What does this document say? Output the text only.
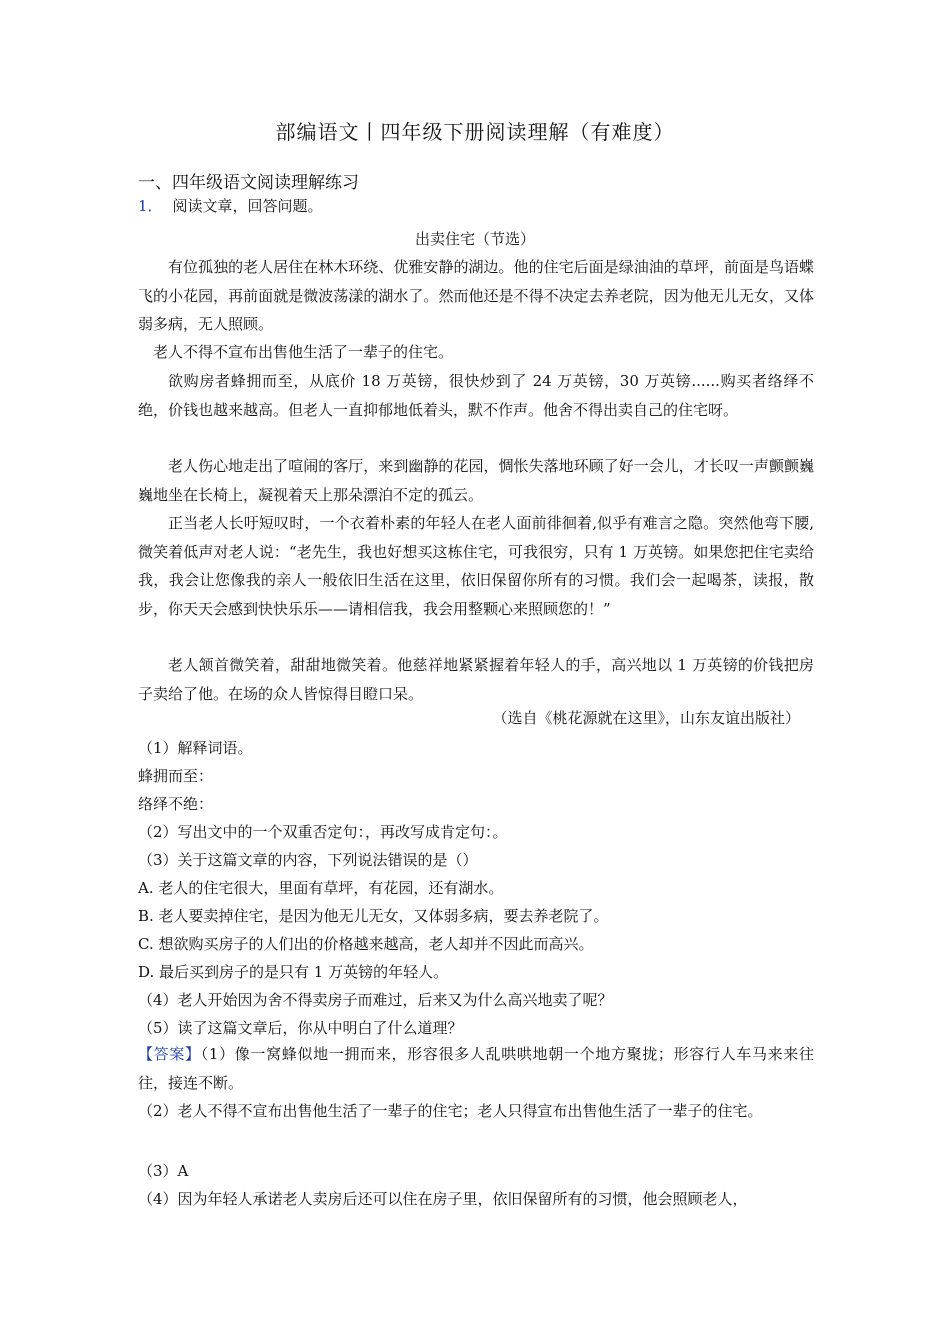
部编语文丨四年级下册阅读理解（有难度）
一、四年级语文阅读理解练习
1． 阅读文章，回答问题。
出卖住宅（节选）

有位孤独的老人居住在林木环绕、优雅安静的湖边。他的住宅后面是绿油油的草坪，前面是鸟语蝶飞的小花园，再前面就是微波荡漾的湖水了。然而他还是不得不决定去养老院，因为他无儿无女，又体弱多病，无人照顾。

老人不得不宣布出售他生活了一辈子的住宅。

欲购房者蜂拥而至，从底价 18 万英镑，很快炒到了 24 万英镑，30 万英镑......购买者络绎不绝，价钱也越来越高。但老人一直抑郁地低着头，默不作声。他舍不得出卖自己的住宅呀。

老人伤心地走出了喧闹的客厅，来到幽静的花园，惆怅失落地环顾了好一会儿，才长叹一声颤颤巍巍地坐在长椅上，凝视着天上那朵漂泊不定的孤云。

正当老人长吁短叹时，一个衣着朴素的年轻人在老人面前徘徊着,似乎有难言之隐。突然他弯下腰,微笑着低声对老人说：“老先生，我也好想买这栋住宅，可我很穷，只有 1 万英镑。如果您把住宅卖给我，我会让您像我的亲人一般依旧生活在这里，依旧保留你所有的习惯。我们会一起喝茶，读报，散步，你天天会感到快快乐乐——请相信我，我会用整颗心来照顾您的！”

老人颔首微笑着，甜甜地微笑着。他慈祥地紧紧握着年轻人的手，高兴地以 1 万英镑的价钱把房子卖给了他。在场的众人皆惊得目瞪口呆。

（选自《桃花源就在这里》，山东友谊出版社）
（1）解释词语。
蜂拥而至：
络绎不绝：
（2）写出文中的一个双重否定句：，再改写成肯定句：。
（3）关于这篇文章的内容，下列说法错误的是（）
A. 老人的住宅很大，里面有草坪，有花园，还有湖水。
B. 老人要卖掉住宅，是因为他无儿无女，又体弱多病，要去养老院了。
C. 想欲购买房子的人们出的价格越来越高，老人却并不因此而高兴。
D. 最后买到房子的是只有 1 万英镑的年轻人。
（4）老人开始因为舍不得卖房子而难过，后来又为什么高兴地卖了呢？
（5）读了这篇文章后，你从中明白了什么道理？

【答案】（1）像一窝蜂似地一拥而来，形容很多人乱哄哄地朝一个地方聚拢；形容行人车马来来往往，接连不断。

（2）老人不得不宣布出售他生活了一辈子的住宅；老人只得宣布出售他生活了一辈子的住宅。

（3）A
（4）因为年轻人承诺老人卖房后还可以住在房子里，依旧保留所有的习惯，他会照顾老人，
